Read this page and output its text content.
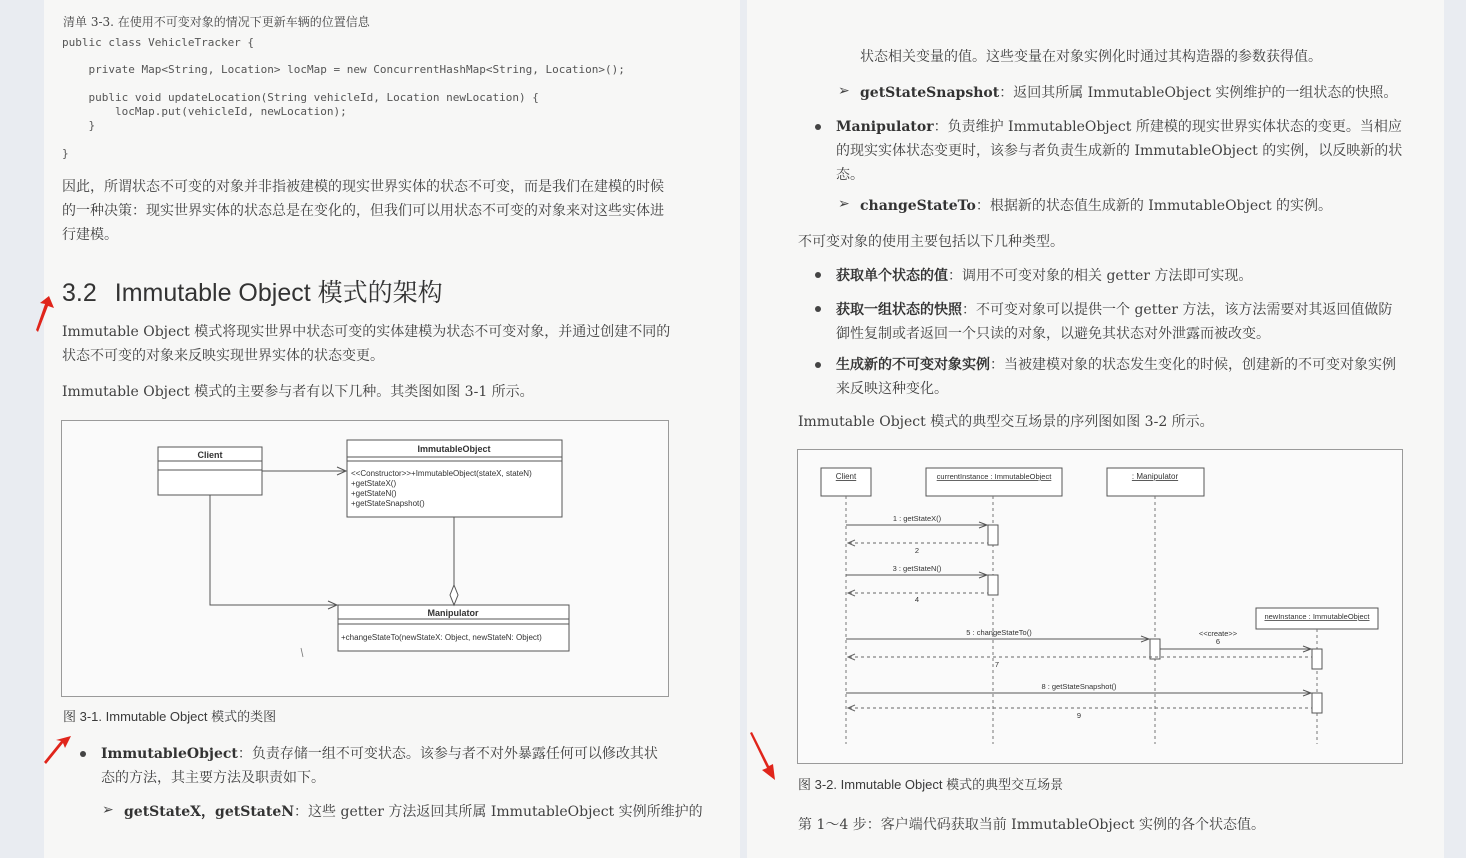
清单 3-3. 在使用不可变对象的情况下更新车辆的位置信息
public class VehicleTracker {
private Map<String, Location> locMap = new ConcurrentHashMap<String, Location>();
public void updateLocation(String vehicleId, Location newLocation) {
locMap.put(vehicleId, newLocation);
}
}
因此，所谓状态不可变的对象并非指被建模的现实世界实体的状态不可变，而是我们在建模的时候的一种决策：现实世界实体的状态总是在变化的，但我们可以用状态不可变的对象来对这些实体进行建模。
3.2 Immutable Object 模式的架构
Immutable Object 模式将现实世界中状态可变的实体建模为状态不可变对象，并通过创建不同的状态不可变的对象来反映实现世界实体的状态变更。
Immutable Object 模式的主要参与者有以下几种。其类图如图 3-1 所示。
Client
ImmutableObject
<<Constructor>>+ImmutableObject(stateX, stateN)
+getStateX()
+getStateN()
+getStateSnapshot()
Manipulator
+changeStateTo(newStateX: Object, newStateN: Object)
图 3-1. Immutable Object 模式的类图
ImmutableObject：负责存储一组不可变状态。该参与者不对外暴露任何可以修改其状态的方法，其主要方法及职责如下。
➢ getStateX，getStateN：这些 getter 方法返回其所属 ImmutableObject 实例所维护的
状态相关变量的值。这些变量在对象实例化时通过其构造器的参数获得值。
➢ getStateSnapshot：返回其所属 ImmutableObject 实例维护的一组状态的快照。
Manipulator：负责维护 ImmutableObject 所建模的现实世界实体状态的变更。当相应的现实实体状态变更时，该参与者负责生成新的 ImmutableObject 的实例，以反映新的状态。
➢ changeStateTo：根据新的状态值生成新的 ImmutableObject 的实例。
不可变对象的使用主要包括以下几种类型。
获取单个状态的值：调用不可变对象的相关 getter 方法即可实现。
获取一组状态的快照：不可变对象可以提供一个 getter 方法，该方法需要对其返回值做防御性复制或者返回一个只读的对象，以避免其状态对外泄露而被改变。
生成新的不可变对象实例：当被建模对象的状态发生变化的时候，创建新的不可变对象实例来反映这种变化。
Immutable Object 模式的典型交互场景的序列图如图 3-2 所示。
Client	currentInstance : ImmutableObject	: Manipulator
newInstance : ImmutableObject
1 : getStateX()
2
3 : getStateN()
4
5 : changeStateTo()	<<create>>
6
7
8 : getStateSnapshot()
9
图 3-2. Immutable Object 模式的典型交互场景
第 1～4 步：客户端代码获取当前 ImmutableObject 实例的各个状态值。
